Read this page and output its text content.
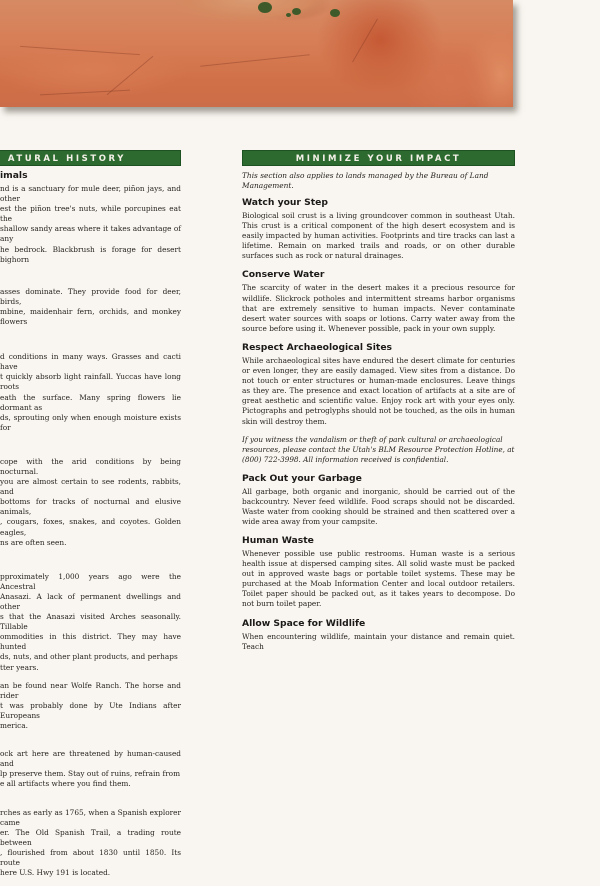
ATURAL HISTORY
imals

nd is a sanctuary for mule deer, piñon jays, and other
est the piñon tree's nuts, while porcupines eat the
shallow sandy areas where it takes advantage of any
he bedrock. Blackbrush is forage for desert bighorn

asses dominate. They provide food for deer, birds,
mbine, maidenhair fern, orchids, and monkey flowers

d conditions in many ways. Grasses and cacti have
t quickly absorb light rainfall. Yuccas have long roots
eath the surface. Many spring flowers lie dormant as
ds, sprouting only when enough moisture exists for

cope with the arid conditions by being nocturnal.
you are almost certain to see rodents, rabbits, and
bottoms for tracks of nocturnal and elusive animals,
, cougars, foxes, snakes, and coyotes. Golden eagles,
ns are often seen.

pproximately 1,000 years ago were the Ancestral
Anasazi. A lack of permanent dwellings and other
s that the Anasazi visited Arches seasonally. Tillable
ommodities in this district. They may have hunted
ds, nuts, and other plant products, and perhaps
tter years.

an be found near Wolfe Ranch. The horse and rider
t was probably done by Ute Indians after Europeans
merica.

ock art here are threatened by human-caused and
lp preserve them. Stay out of ruins, refrain from
e all artifacts where you find them.

rches as early as 1765, when a Spanish explorer came
er. The Old Spanish Trail, a trading route between
, flourished from about 1830 until 1850. Its route
here U.S. Hwy 191 is located.

MINIMIZE YOUR IMPACT
This section also applies to lands managed by the Bureau of Land Management.
Watch your Step

Biological soil crust is a living groundcover common in southeast Utah. This crust is a critical component of the high desert ecosystem and is easily impacted by human activities. Footprints and tire tracks can last a lifetime. Remain on marked trails and roads, or on other durable surfaces such as rock or natural drainages.

Conserve Water

The scarcity of water in the desert makes it a precious resource for wildlife. Slickrock potholes and intermittent streams harbor organisms that are extremely sensitive to human impacts. Never contaminate desert water sources with soaps or lotions. Carry water away from the source before using it. Whenever possible, pack in your own supply.

Respect Archaeological Sites

While archaeological sites have endured the desert climate for centuries or even longer, they are easily damaged. View sites from a distance. Do not touch or enter structures or human-made enclosures. Leave things as they are. The presence and exact location of artifacts at a site are of great aesthetic and scientific value. Enjoy rock art with your eyes only. Pictographs and petroglyphs should not be touched, as the oils in human skin will destroy them.

If you witness the vandalism or theft of park cultural or archaeological resources, please contact the Utah's BLM Resource Protection Hotline, at (800) 722-3998. All information received is confidential.

Pack Out your Garbage

All garbage, both organic and inorganic, should be carried out of the backcountry. Never feed wildlife. Food scraps should not be discarded. Waste water from cooking should be strained and then scattered over a wide area away from your campsite.

Human Waste

Whenever possible use public restrooms. Human waste is a serious health issue at dispersed camping sites. All solid waste must be packed out in approved waste bags or portable toilet systems. These may be purchased at the Moab Information Center and local outdoor retailers. Toilet paper should be packed out, as it takes years to decompose. Do not burn toilet paper.

Allow Space for Wildlife

When encountering wildlife, maintain your distance and remain quiet. Teach
